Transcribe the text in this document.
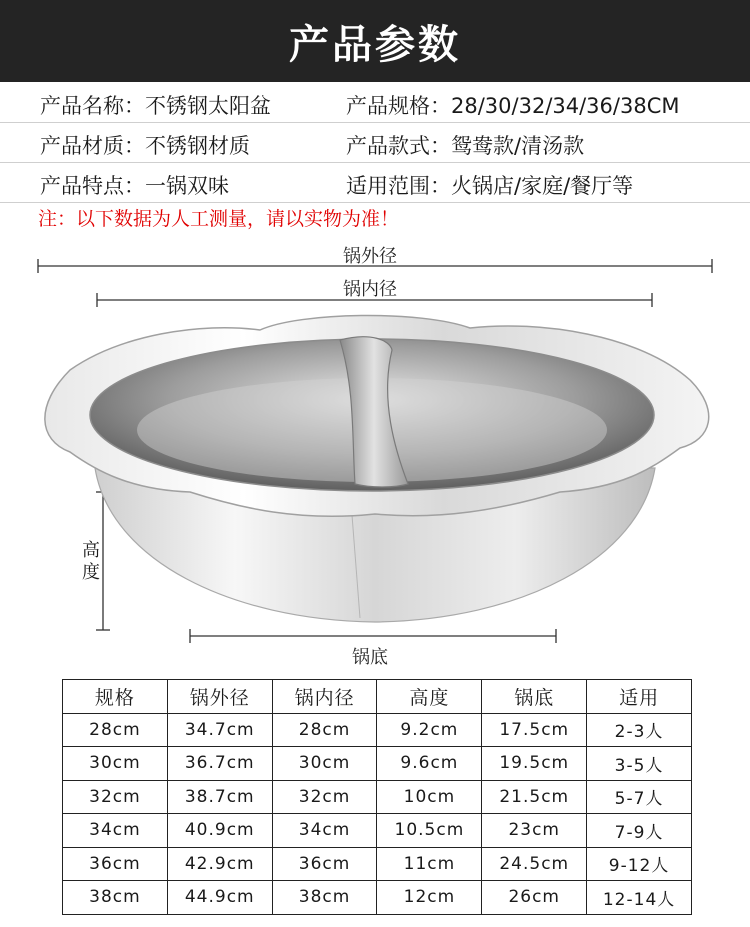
产品参数
产品名称：不锈钢太阳盆	产品规格：28/30/32/34/36/38CM
产品材质：不锈钢材质	产品款式：鸳鸯款/清汤款
产品特点：一锅双味	适用范围：火锅店/家庭/餐厅等
注：以下数据为人工测量，请以实物为准！
锅外径
锅内径
高
度
锅底
规格	锅外径	锅内径	高度	锅底	适用
28cm	34.7cm	28cm	9.2cm	17.5cm	2-3人
30cm	36.7cm	30cm	9.6cm	19.5cm	3-5人
32cm	38.7cm	32cm	10cm	21.5cm	5-7人
34cm	40.9cm	34cm	10.5cm	23cm	7-9人
36cm	42.9cm	36cm	11cm	24.5cm	9-12人
38cm	44.9cm	38cm	12cm	26cm	12-14人
